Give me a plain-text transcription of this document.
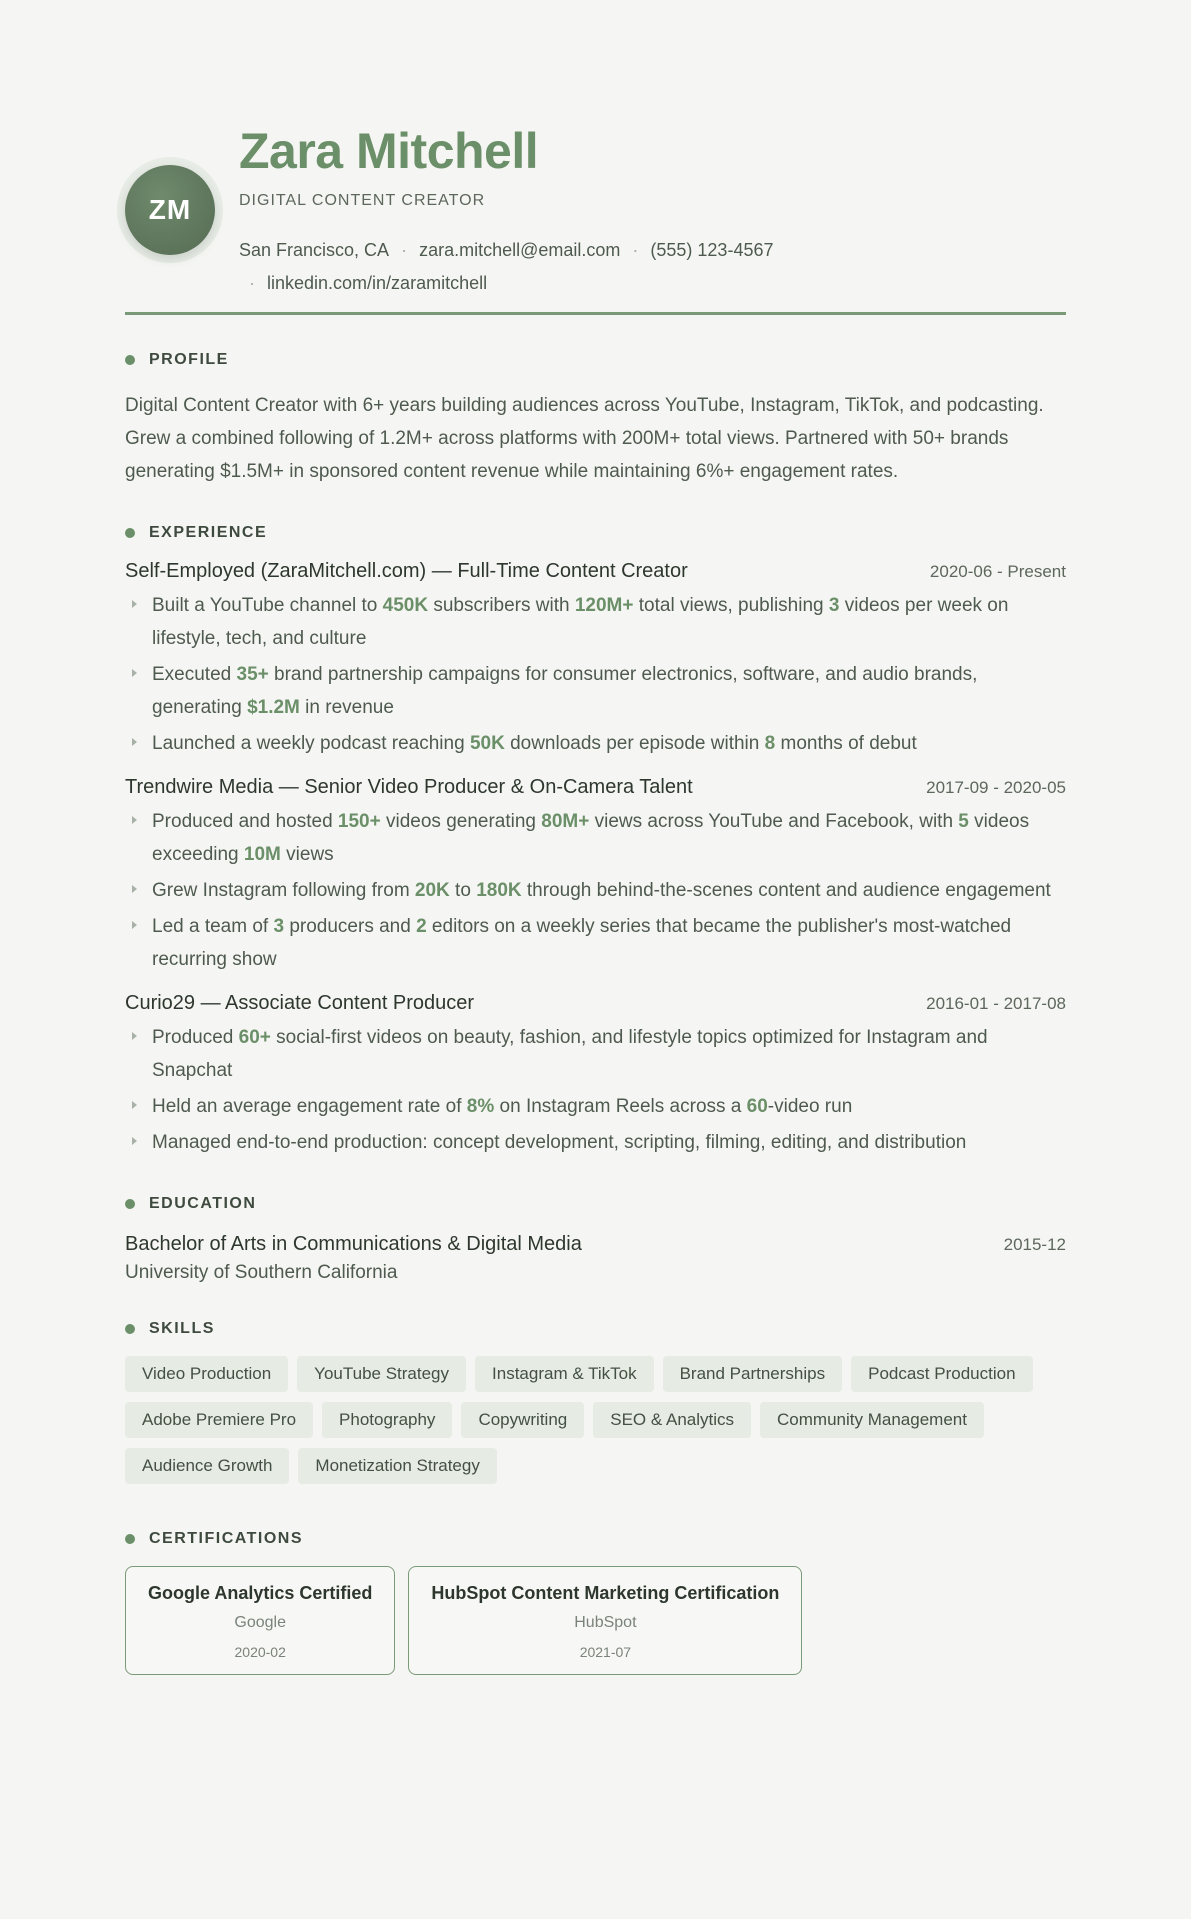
ZM
Zara Mitchell
DIGITAL CONTENT CREATOR
San Francisco, CA · zara.mitchell@email.com · (555) 123-4567
· linkedin.com/in/zaramitchell
PROFILE

Digital Content Creator with 6+ years building audiences across YouTube, Instagram, TikTok, and podcasting. Grew a combined following of 1.2M+ across platforms with 200M+ total views. Partnered with 50+ brands generating $1.5M+ in sponsored content revenue while maintaining 6%+ engagement rates.

EXPERIENCE
Self-Employed (ZaraMitchell.com) — Full-Time Content Creator	2020-06 - Present
Built a YouTube channel to 450K subscribers with 120M+ total views, publishing 3 videos per week on lifestyle, tech, and culture
Executed 35+ brand partnership campaigns for consumer electronics, software, and audio brands, generating $1.2M in revenue
Launched a weekly podcast reaching 50K downloads per episode within 8 months of debut
Trendwire Media — Senior Video Producer & On-Camera Talent	2017-09 - 2020-05
Produced and hosted 150+ videos generating 80M+ views across YouTube and Facebook, with 5 videos exceeding 10M views
Grew Instagram following from 20K to 180K through behind-the-scenes content and audience engagement
Led a team of 3 producers and 2 editors on a weekly series that became the publisher's most-watched recurring show
Curio29 — Associate Content Producer	2016-01 - 2017-08
Produced 60+ social-first videos on beauty, fashion, and lifestyle topics optimized for Instagram and Snapchat
Held an average engagement rate of 8% on Instagram Reels across a 60-video run
Managed end-to-end production: concept development, scripting, filming, editing, and distribution
EDUCATION
Bachelor of Arts in Communications & Digital Media	2015-12
University of Southern California
SKILLS
Video Production	YouTube Strategy	Instagram & TikTok	Brand Partnerships	Podcast Production
Adobe Premiere Pro	Photography	Copywriting	SEO & Analytics	Community Management
Audience Growth	Monetization Strategy
CERTIFICATIONS
Google Analytics Certified
Google
2020-02
HubSpot Content Marketing Certification
HubSpot
2021-07
